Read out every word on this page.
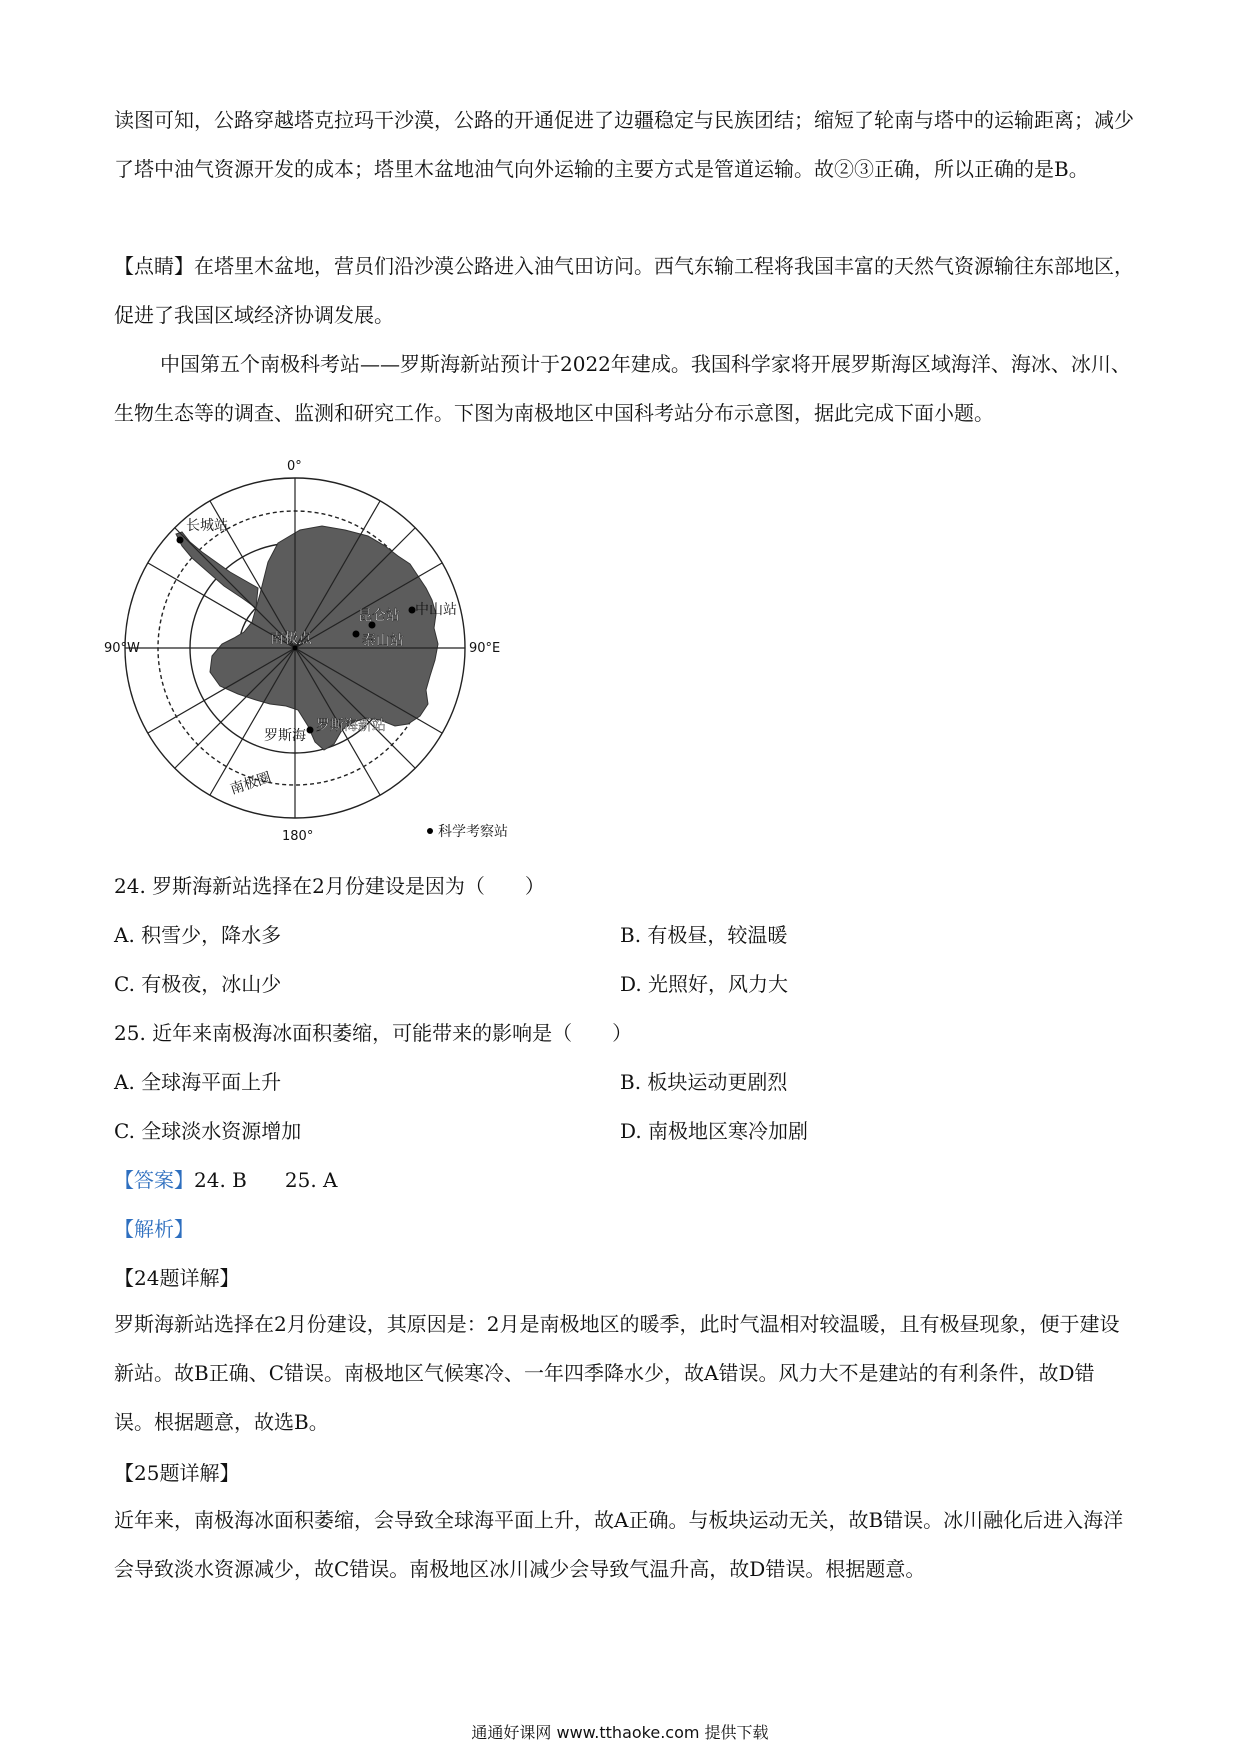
读图可知，公路穿越塔克拉玛干沙漠，公路的开通促进了边疆稳定与民族团结；缩短了轮南与塔中的运输距离；减少了塔中油气资源开发的成本；塔里木盆地油气向外运输的主要方式是管道运输。故②③正确，所以正确的是B。

【点睛】在塔里木盆地，营员们沿沙漠公路进入油气田访问。西气东输工程将我国丰富的天然气资源输往东部地区，促进了我国区域经济协调发展。

中国第五个南极科考站——罗斯海新站预计于2022年建成。我国科学家将开展罗斯海区域海洋、海冰、冰川、生物生态等的调查、监测和研究工作。下图为南极地区中国科考站分布示意图，据此完成下面小题。

0°
90°W	90°E
180°
长城站
昆仑站 中山站
泰山站
南极点
罗斯海
罗斯海新站
南极圈
科学考察站

24. 罗斯海新站选择在2月份建设是因为（　　）

A. 积雪少，降水多	B. 有极昼，较温暖

C. 有极夜，冰山少	D. 光照好，风力大

25. 近年来南极海冰面积萎缩，可能带来的影响是（　　）

A. 全球海平面上升	B. 板块运动更剧烈

C. 全球淡水资源增加	D. 南极地区寒冷加剧

【答案】24. B 25. A

【解析】

【24题详解】

罗斯海新站选择在2月份建设，其原因是：2月是南极地区的暖季，此时气温相对较温暖，且有极昼现象，便于建设新站。故B正确、C错误。南极地区气候寒冷、一年四季降水少，故A错误。风力大不是建站的有利条件，故D错误。根据题意，故选B。

【25题详解】

近年来，南极海冰面积萎缩，会导致全球海平面上升，故A正确。与板块运动无关，故B错误。冰川融化后进入海洋会导致淡水资源减少，故C错误。南极地区冰川减少会导致气温升高，故D错误。根据题意。

通通好课网 www.tthaoke.com 提供下载
